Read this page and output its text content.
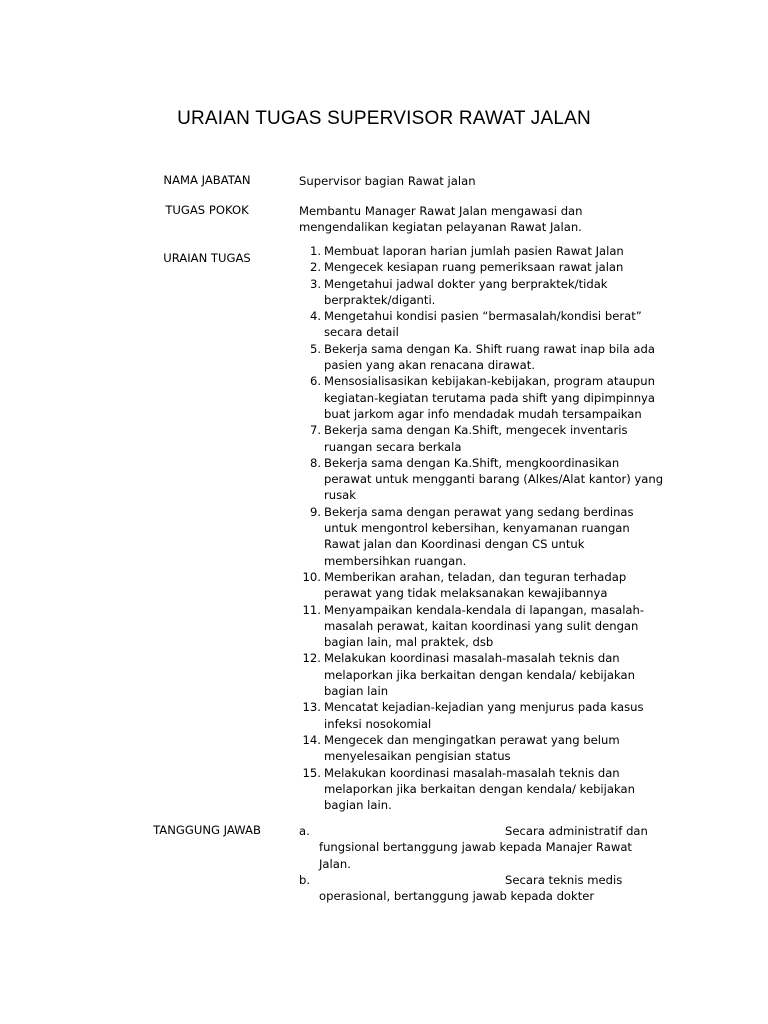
URAIAN TUGAS SUPERVISOR RAWAT JALAN
NAMA JABATAN	Supervisor bagian Rawat jalan
TUGAS POKOK	Membantu Manager Rawat Jalan mengawasi dan mengendalikan kegiatan pelayanan Rawat Jalan.
URAIAN TUGAS	1. Membuat laporan harian jumlah pasien Rawat Jalan
2. Mengecek kesiapan ruang pemeriksaan rawat jalan
3. Mengetahui jadwal dokter yang berpraktek/tidak berpraktek/diganti.
4. Mengetahui kondisi pasien “bermasalah/kondisi berat” secara detail
5. Bekerja sama dengan Ka. Shift ruang rawat inap bila ada pasien yang akan renacana dirawat.
6. Mensosialisasikan kebijakan-kebijakan, program ataupun kegiatan-kegiatan terutama pada shift yang dipimpinnya buat jarkom agar info mendadak mudah tersampaikan
7. Bekerja sama dengan Ka.Shift, mengecek inventaris ruangan secara berkala
8. Bekerja sama dengan Ka.Shift, mengkoordinasikan perawat untuk mengganti barang (Alkes/Alat kantor) yang rusak
9. Bekerja sama dengan perawat yang sedang berdinas untuk mengontrol kebersihan, kenyamanan ruangan Rawat jalan dan Koordinasi dengan CS untuk membersihkan ruangan.
10. Memberikan arahan, teladan, dan teguran terhadap perawat yang tidak melaksanakan kewajibannya
11. Menyampaikan kendala-kendala di lapangan, masalah-masalah perawat, kaitan koordinasi yang sulit dengan bagian lain, mal praktek, dsb
12. Melakukan koordinasi masalah-masalah teknis dan melaporkan jika berkaitan dengan kendala/ kebijakan bagian lain
13. Mencatat kejadian-kejadian yang menjurus pada kasus infeksi nosokomial
14. Mengecek dan mengingatkan perawat yang belum menyelesaikan pengisian status
15. Melakukan koordinasi masalah-masalah teknis dan melaporkan jika berkaitan dengan kendala/ kebijakan bagian lain.
TANGGUNG JAWAB	a.	Secara administratif dan
fungsional bertanggung jawab kepada Manajer Rawat Jalan.
b.	Secara teknis medis
operasional, bertanggung jawab kepada dokter
